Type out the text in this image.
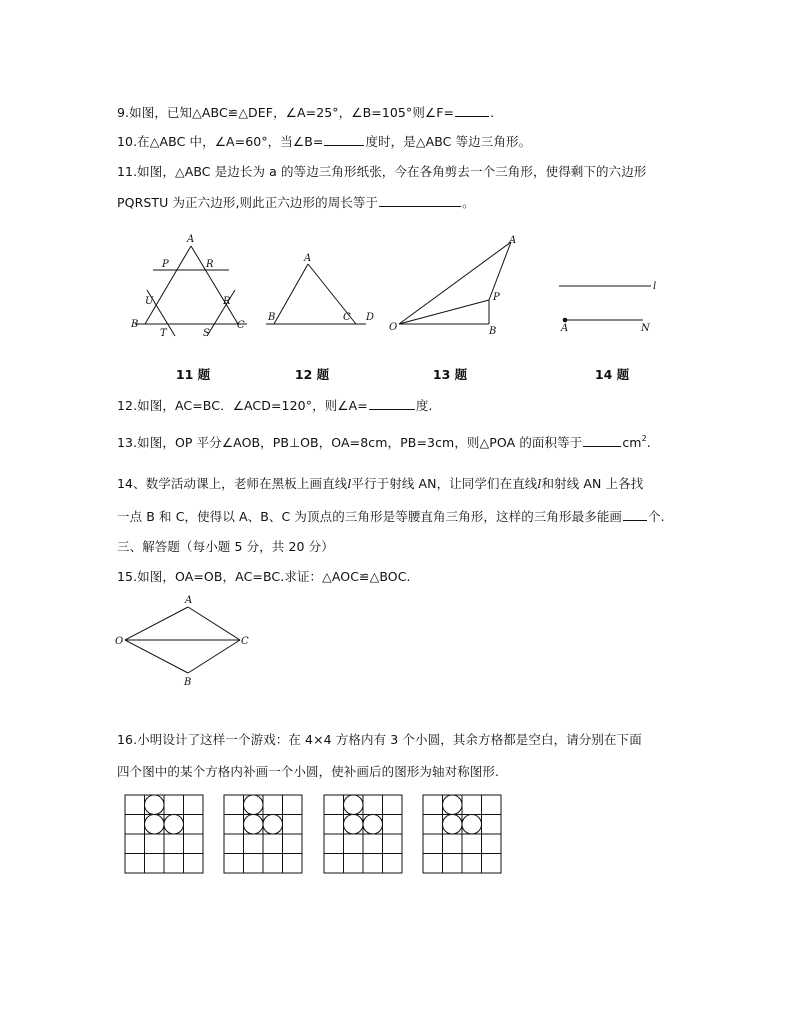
9.如图，已知△ABC≌△DEF，∠A=25°，∠B=105°则∠F=	.
10.在△ABC 中，∠A=60°，当∠B=	度时，是△ABC 等边三角形。
11.如图，△ABC 是边长为 a 的等边三角形纸张，今在各角剪去一个三角形，使得剩下的六边形
PQRSTU 为正六边形,则此正六边形的周长等于	。
A
P	R
U	R
B
T	S
C
A
B	C D
A
P
O	B
l
A	N
11 题	12 题	13 题	14 题
12.如图，AC=BC．∠ACD=120°，则∠A=	度.
13.如图，OP 平分∠AOB，PB⊥OB，OA=8cm，PB=3cm，则△POA 的面积等于	$cm^2$.
14、数学活动课上，老师在黑板上画直线l平行于射线 AN，让同学们在直线l和射线 AN 上各找
一点 B 和 C，使得以 A、B、C 为顶点的三角形是等腰直角三角形，这样的三角形最多能画 个.
三、解答题（每小题 5 分，共 20 分）
15.如图，OA=OB，AC=BC.求证：△AOC≌△BOC.
A
O	C
B
16.小明设计了这样一个游戏：在 4×4 方格内有 3 个小圆，其余方格都是空白，请分别在下面
四个图中的某个方格内补画一个小圆，使补画后的图形为轴对称图形.
